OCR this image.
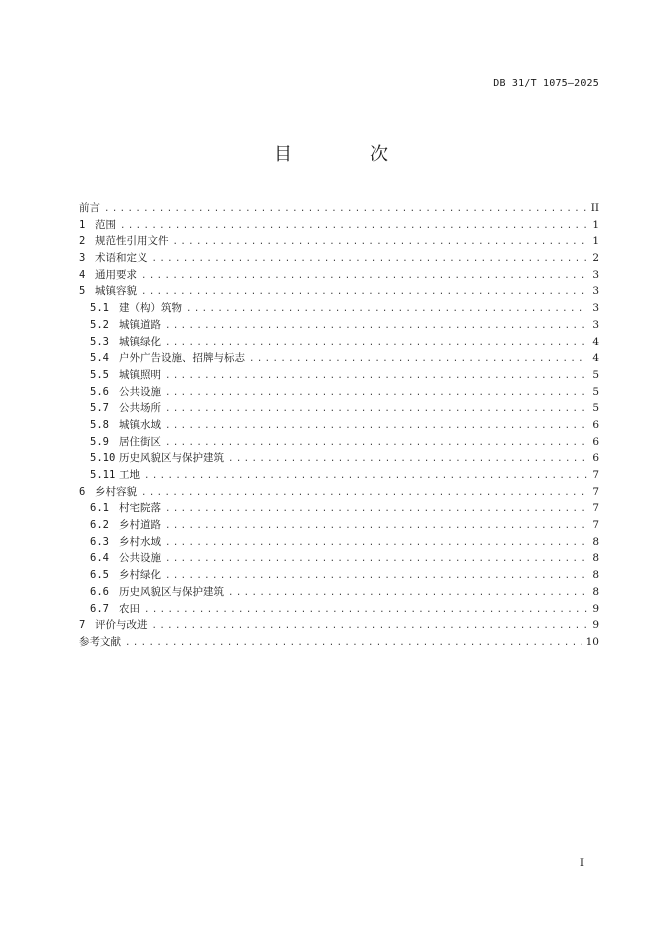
DB 31/T 1075—2025
目　次
前言 . . .	II
1 范围 . . .	1
2 规范性引用文件 . . .	1
3 术语和定义 . . .	2
4 通用要求 . . .	3
5 城镇容貌 . . .	3
5.1 建（构）筑物 . . .	3
5.2 城镇道路 . . .	3
5.3 城镇绿化 . . .	4
5.4 户外广告设施、招牌与标志 . . .	4
5.5 城镇照明 . . .	5
5.6 公共设施 . . .	5
5.7 公共场所 . . .	5
5.8 城镇水域 . . .	6
5.9 居住街区 . . .	6
5.10 历史风貌区与保护建筑 . . .	6
5.11 工地 . . .	7
6 乡村容貌 . . .	7
6.1 村宅院落 . . .	7
6.2 乡村道路 . . .	7
6.3 乡村水域 . . .	8
6.4 公共设施 . . .	8
6.5 乡村绿化 . . .	8
6.6 历史风貌区与保护建筑 . . .	8
6.7 农田 . . .	9
7 评价与改进 . . .	9
参考文献 . . .	10
I
